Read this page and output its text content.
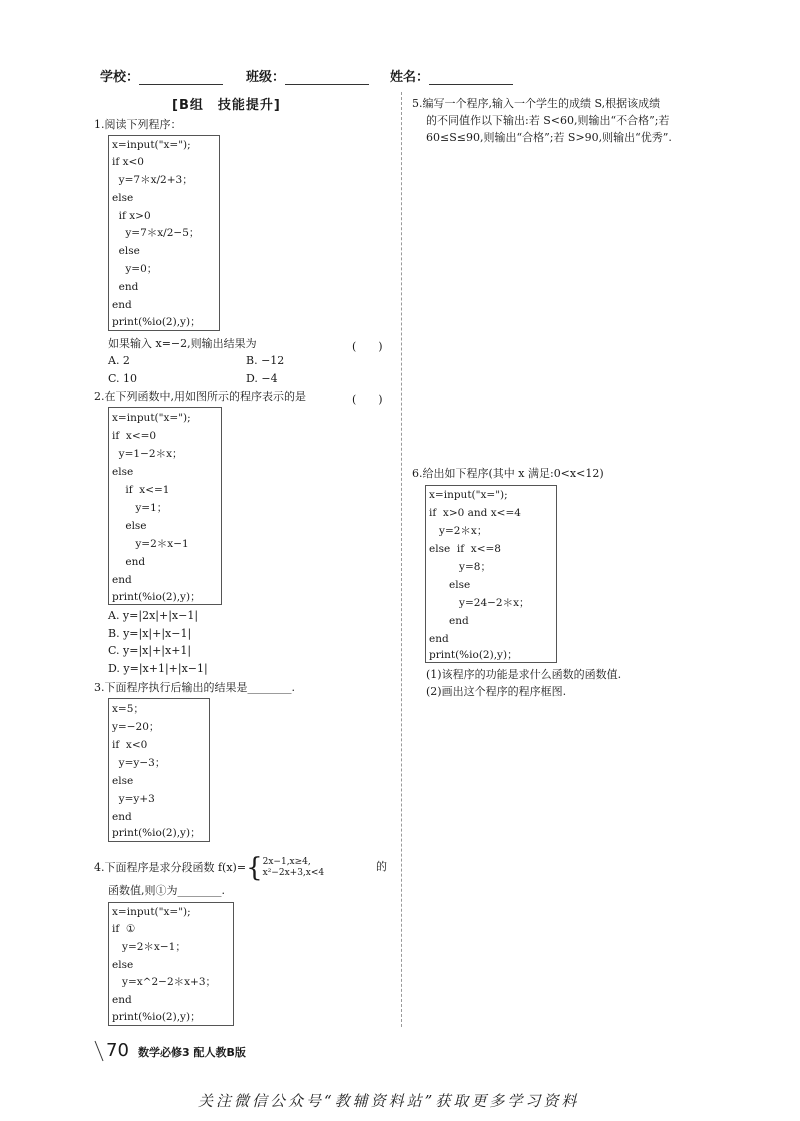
学校：	班级：	姓名：
[B组　技能提升]
1.阅读下列程序：
x=input("x=");
if x<0
y=7＊x/2+3；
else
if x>0
y=7＊x/2−5；
else
y=0；
end
end
print(%io(2),y)；
如果输入 x=−2,则输出结果为	(　　)
A. 2	B. −12
C. 10	D. −4
2.在下列函数中,用如图所示的程序表示的是	(　　)
x=input("x=");
if  x<=0
y=1−2＊x；
else
if  x<=1
y=1；
else
y=2＊x−1
end
end
print(%io(2),y)；
A. y=|2x|+|x−1|
B. y=|x|+|x−1|
C. y=|x|+|x+1|
D. y=|x+1|+|x−1|
3.下面程序执行后输出的结果是________.
x=5；
y=−20；
if  x<0
y=y−3；
else
y=y+3
end
print(%io(2),y)；
4.下面程序是求分段函数 f(x)={ 2x−1,x≥4,
x²−2x+3,x<4	的
函数值,则①为________.
x=input("x=");
if  ①
y=2＊x−1；
else
y=x^2−2＊x+3；
end
print(%io(2),y)；
5.编写一个程序,输入一个学生的成绩 S,根据该成绩
的不同值作以下输出:若 S<60,则输出“不合格”;若
60≤S≤90,则输出“合格”;若 S>90,则输出“优秀”.
6.给出如下程序(其中 x 满足:0<x<12)
x=input("x=");
if  x>0 and x<=4
y=2＊x；
else  if  x<=8
y=8；
else
y=24−2＊x；
end
end
print(%io(2),y)；
(1)该程序的功能是求什么函数的函数值.
(2)画出这个程序的程序框图.
70 数学必修3 配人教B版
关注微信公众号“教辅资料站”获取更多学习资料
